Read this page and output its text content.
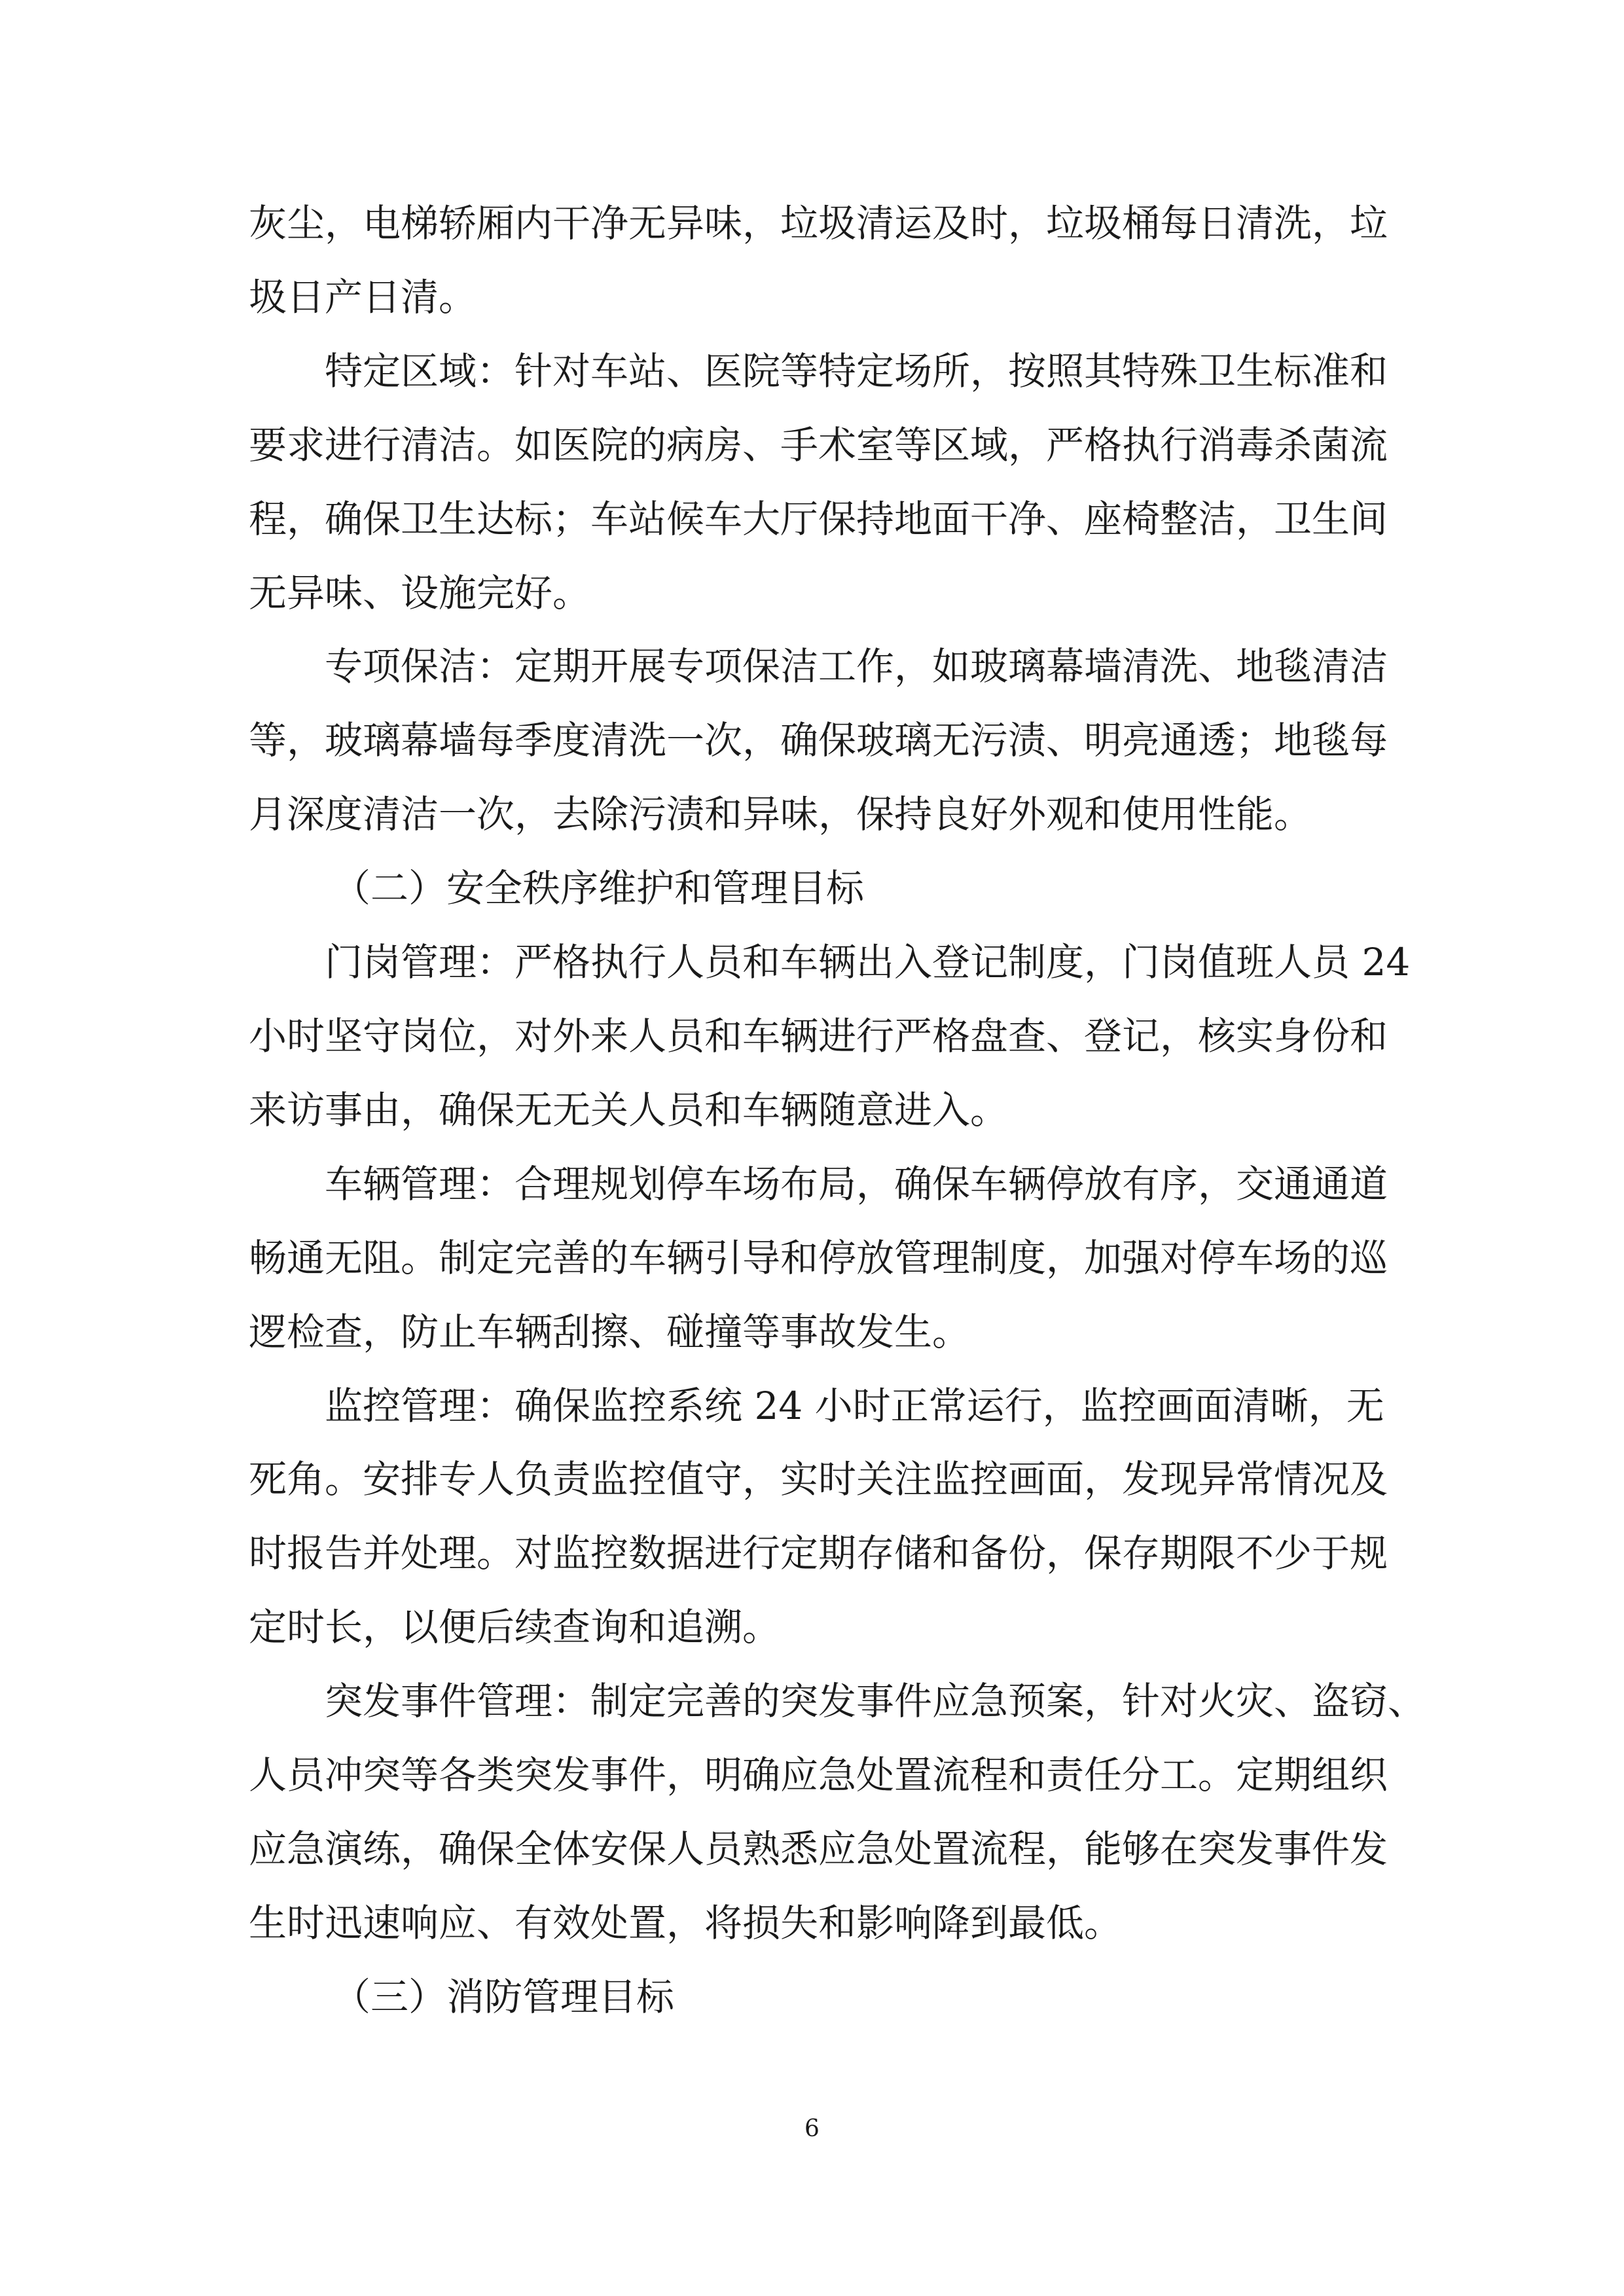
灰尘，电梯轿厢内干净无异味，垃圾清运及时，垃圾桶每日清洗，垃

圾日产日清。

特定区域：针对车站、医院等特定场所，按照其特殊卫生标准和

要求进行清洁。如医院的病房、手术室等区域，严格执行消毒杀菌流

程，确保卫生达标；车站候车大厅保持地面干净、座椅整洁，卫生间

无异味、设施完好。

专项保洁：定期开展专项保洁工作，如玻璃幕墙清洗、地毯清洁

等，玻璃幕墙每季度清洗一次，确保玻璃无污渍、明亮通透；地毯每

月深度清洁一次，去除污渍和异味，保持良好外观和使用性能。

（二）安全秩序维护和管理目标

门岗管理：严格执行人员和车辆出入登记制度，门岗值班人员 24

小时坚守岗位，对外来人员和车辆进行严格盘查、登记，核实身份和

来访事由，确保无无关人员和车辆随意进入。

车辆管理：合理规划停车场布局，确保车辆停放有序，交通通道

畅通无阻。制定完善的车辆引导和停放管理制度，加强对停车场的巡

逻检查，防止车辆刮擦、碰撞等事故发生。

监控管理：确保监控系统 24 小时正常运行，监控画面清晰，无

死角。安排专人负责监控值守，实时关注监控画面，发现异常情况及

时报告并处理。对监控数据进行定期存储和备份，保存期限不少于规

定时长，以便后续查询和追溯。

突发事件管理：制定完善的突发事件应急预案，针对火灾、盗窃、

人员冲突等各类突发事件，明确应急处置流程和责任分工。定期组织

应急演练，确保全体安保人员熟悉应急处置流程，能够在突发事件发

生时迅速响应、有效处置，将损失和影响降到最低。

（三）消防管理目标

6
